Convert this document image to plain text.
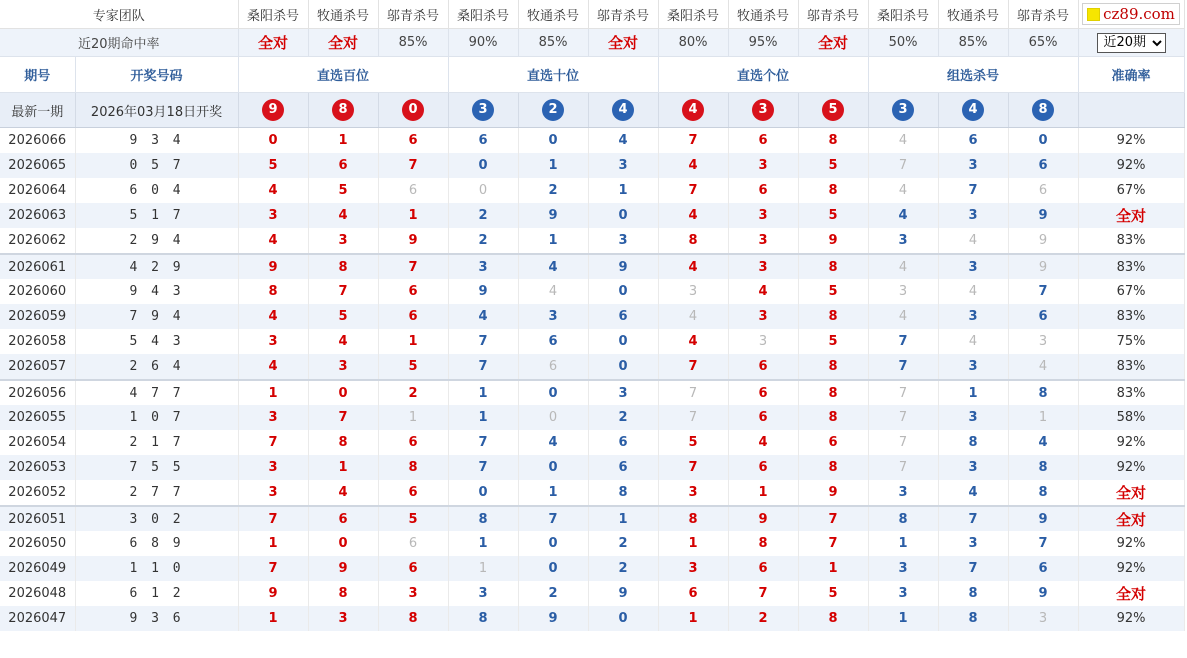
专家团队		桑阳杀号	牧通杀号	邬青杀号	桑阳杀号	牧通杀号	邬青杀号	桑阳杀号	牧通杀号	邬青杀号	桑阳杀号	牧通杀号	邬青杀号	cz89.com

近20期命中率		全对	全对	85%	90%	85%	全对	80%	95%	全对	50%	85%	65%	
近20期
期号	开奖号码	直选百位			直选十位			直选个位			组选杀号			准确率
最新一期	2026年03月18日开奖	9	8	0	3	2	4	4	3	5	3	4	8	
2026066	9 3 4	0	1	6	6	0	4	7	6	8	4	6	0	92%
2026065	0 5 7	5	6	7	0	1	3	4	3	5	7	3	6	92%
2026064	6 0 4	4	5	6	0	2	1	7	6	8	4	7	6	67%
2026063	5 1 7	3	4	1	2	9	0	4	3	5	4	3	9	全对
2026062	2 9 4	4	3	9	2	1	3	8	3	9	3	4	9	83%
2026061	4 2 9	9	8	7	3	4	9	4	3	8	4	3	9	83%
2026060	9 4 3	8	7	6	9	4	0	3	4	5	3	4	7	67%
2026059	7 9 4	4	5	6	4	3	6	4	3	8	4	3	6	83%
2026058	5 4 3	3	4	1	7	6	0	4	3	5	7	4	3	75%
2026057	2 6 4	4	3	5	7	6	0	7	6	8	7	3	4	83%
2026056	4 7 7	1	0	2	1	0	3	7	6	8	7	1	8	83%
2026055	1 0 7	3	7	1	1	0	2	7	6	8	7	3	1	58%
2026054	2 1 7	7	8	6	7	4	6	5	4	6	7	8	4	92%
2026053	7 5 5	3	1	8	7	0	6	7	6	8	7	3	8	92%
2026052	2 7 7	3	4	6	0	1	8	3	1	9	3	4	8	全对
2026051	3 0 2	7	6	5	8	7	1	8	9	7	8	7	9	全对
2026050	6 8 9	1	0	6	1	0	2	1	8	7	1	3	7	92%
2026049	1 1 0	7	9	6	1	0	2	3	6	1	3	7	6	92%
2026048	6 1 2	9	8	3	3	2	9	6	7	5	3	8	9	全对
2026047	9 3 6	1	3	8	8	9	0	1	2	8	1	8	3	92%
